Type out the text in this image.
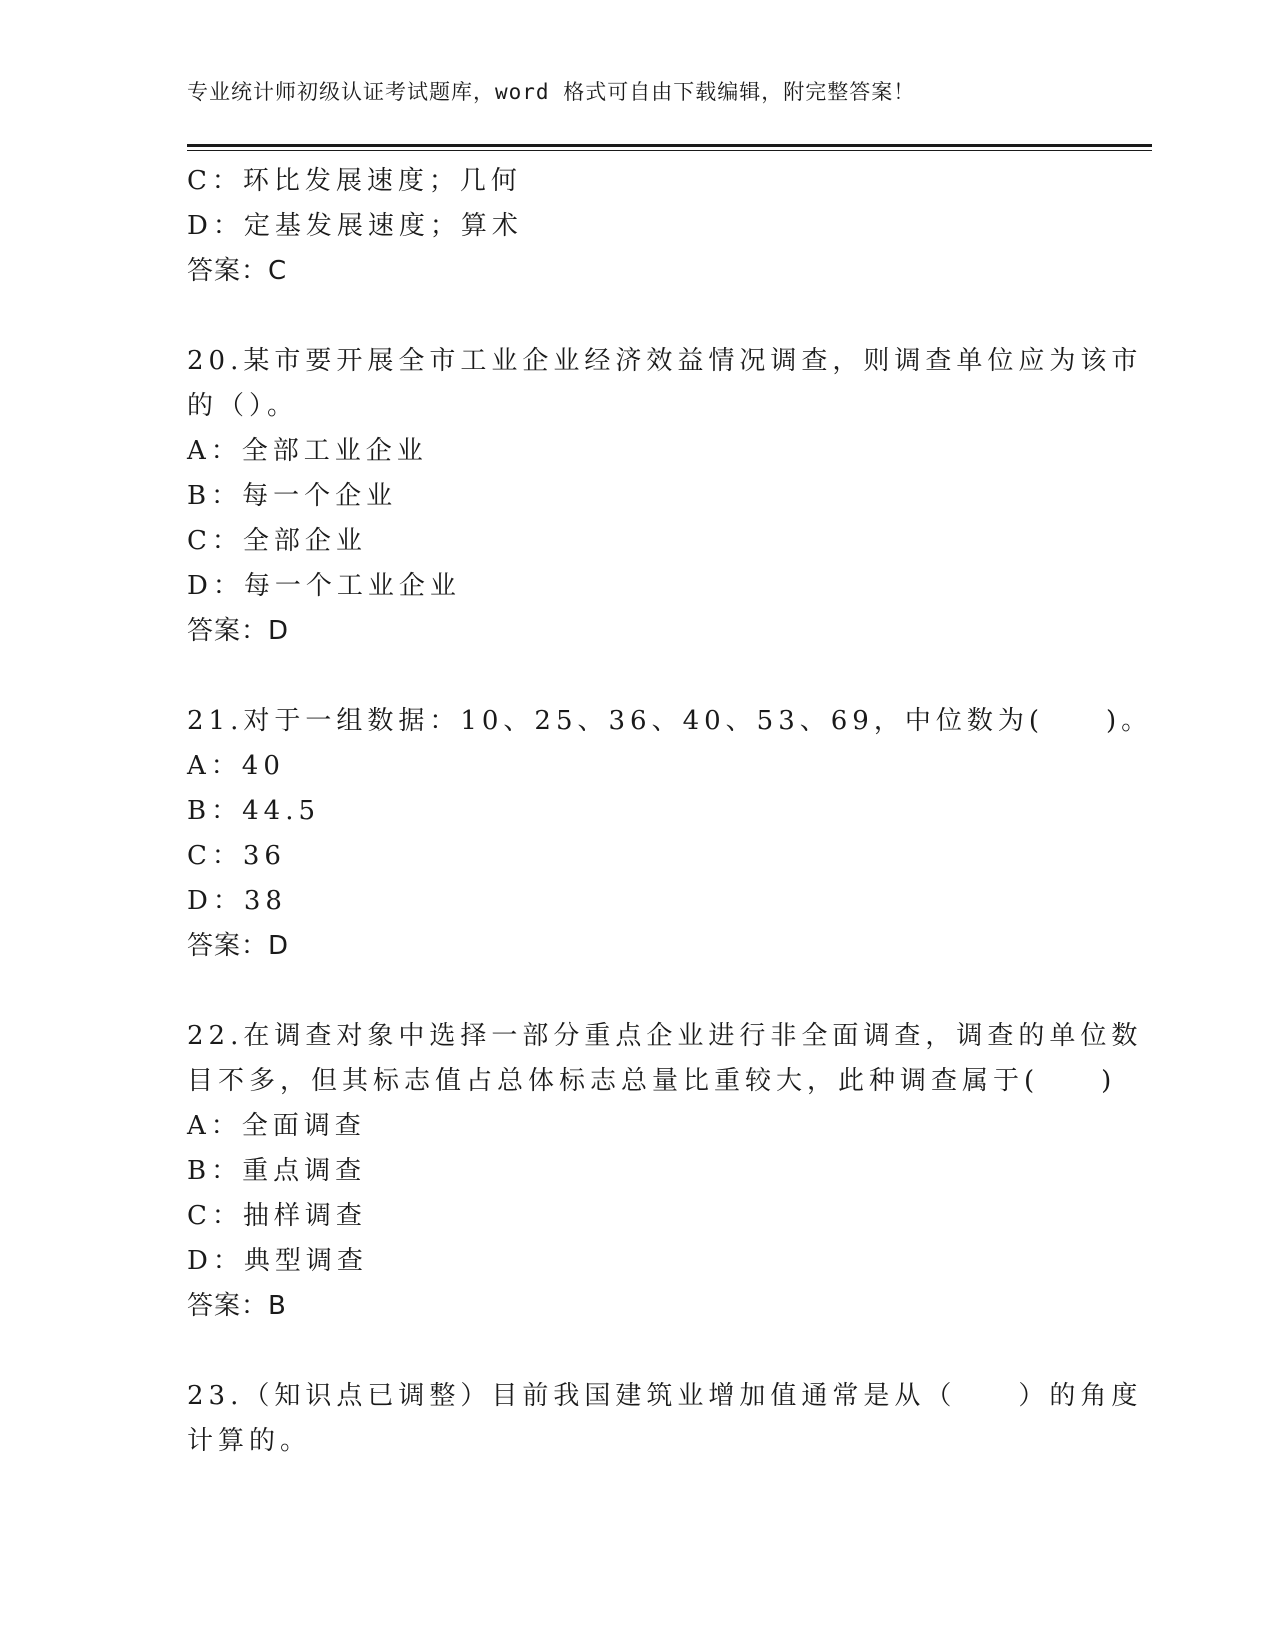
专业统计师初级认证考试题库，word 格式可自由下载编辑，附完整答案！
C：环比发展速度；几何
D：定基发展速度；算术
答案：C
20.某市要开展全市工业企业经济效益情况调查，则调查单位应为该市
的（）。
A：全部工业企业
B：每一个企业
C：全部企业
D：每一个工业企业
答案：D
21.对于一组数据：10、25、36、40、53、69，中位数为(　　)。
A：40
B：44.5
C：36
D：38
答案：D
22.在调查对象中选择一部分重点企业进行非全面调查，调查的单位数
目不多，但其标志值占总体标志总量比重较大，此种调查属于(　　)
A：全面调查
B：重点调查
C：抽样调查
D：典型调查
答案：B
23.（知识点已调整）目前我国建筑业增加值通常是从（　　）的角度
计算的。
